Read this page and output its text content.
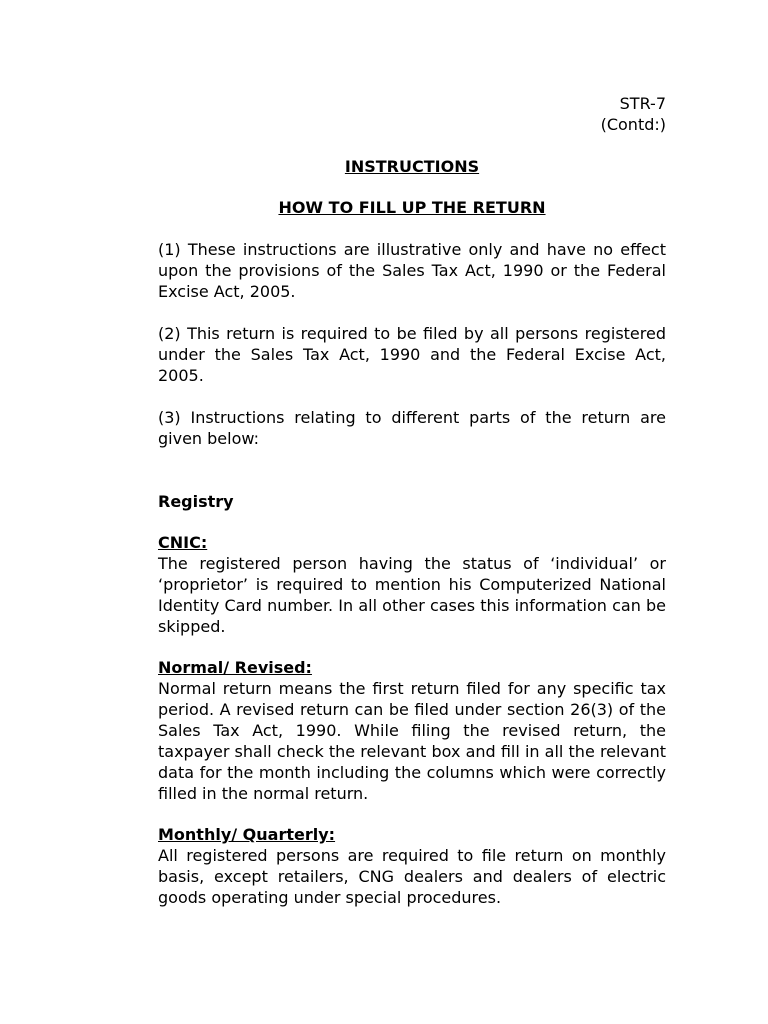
STR-7

(Contd:)

INSTRUCTIONS

HOW TO FILL UP THE RETURN

(1) These instructions are illustrative only and have no effect upon the provisions of the Sales Tax Act, 1990 or the Federal Excise Act, 2005.

(2) This return is required to be filed by all persons registered under the Sales Tax Act, 1990 and the Federal Excise Act, 2005.

(3) Instructions relating to different parts of the return are given below:

Registry

CNIC:

The registered person having the status of ‘individual’ or ‘proprietor’ is required to mention his Computerized National Identity Card number. In all other cases this information can be skipped.

Normal/ Revised:

Normal return means the first return filed for any specific tax period. A revised return can be filed under section 26(3) of the Sales Tax Act, 1990. While filing the revised return, the taxpayer shall check the relevant box and fill in all the relevant data for the month including the columns which were correctly filled in the normal return.

Monthly/ Quarterly:

All registered persons are required to file return on monthly basis, except retailers, CNG dealers and dealers of electric goods operating under special procedures.
